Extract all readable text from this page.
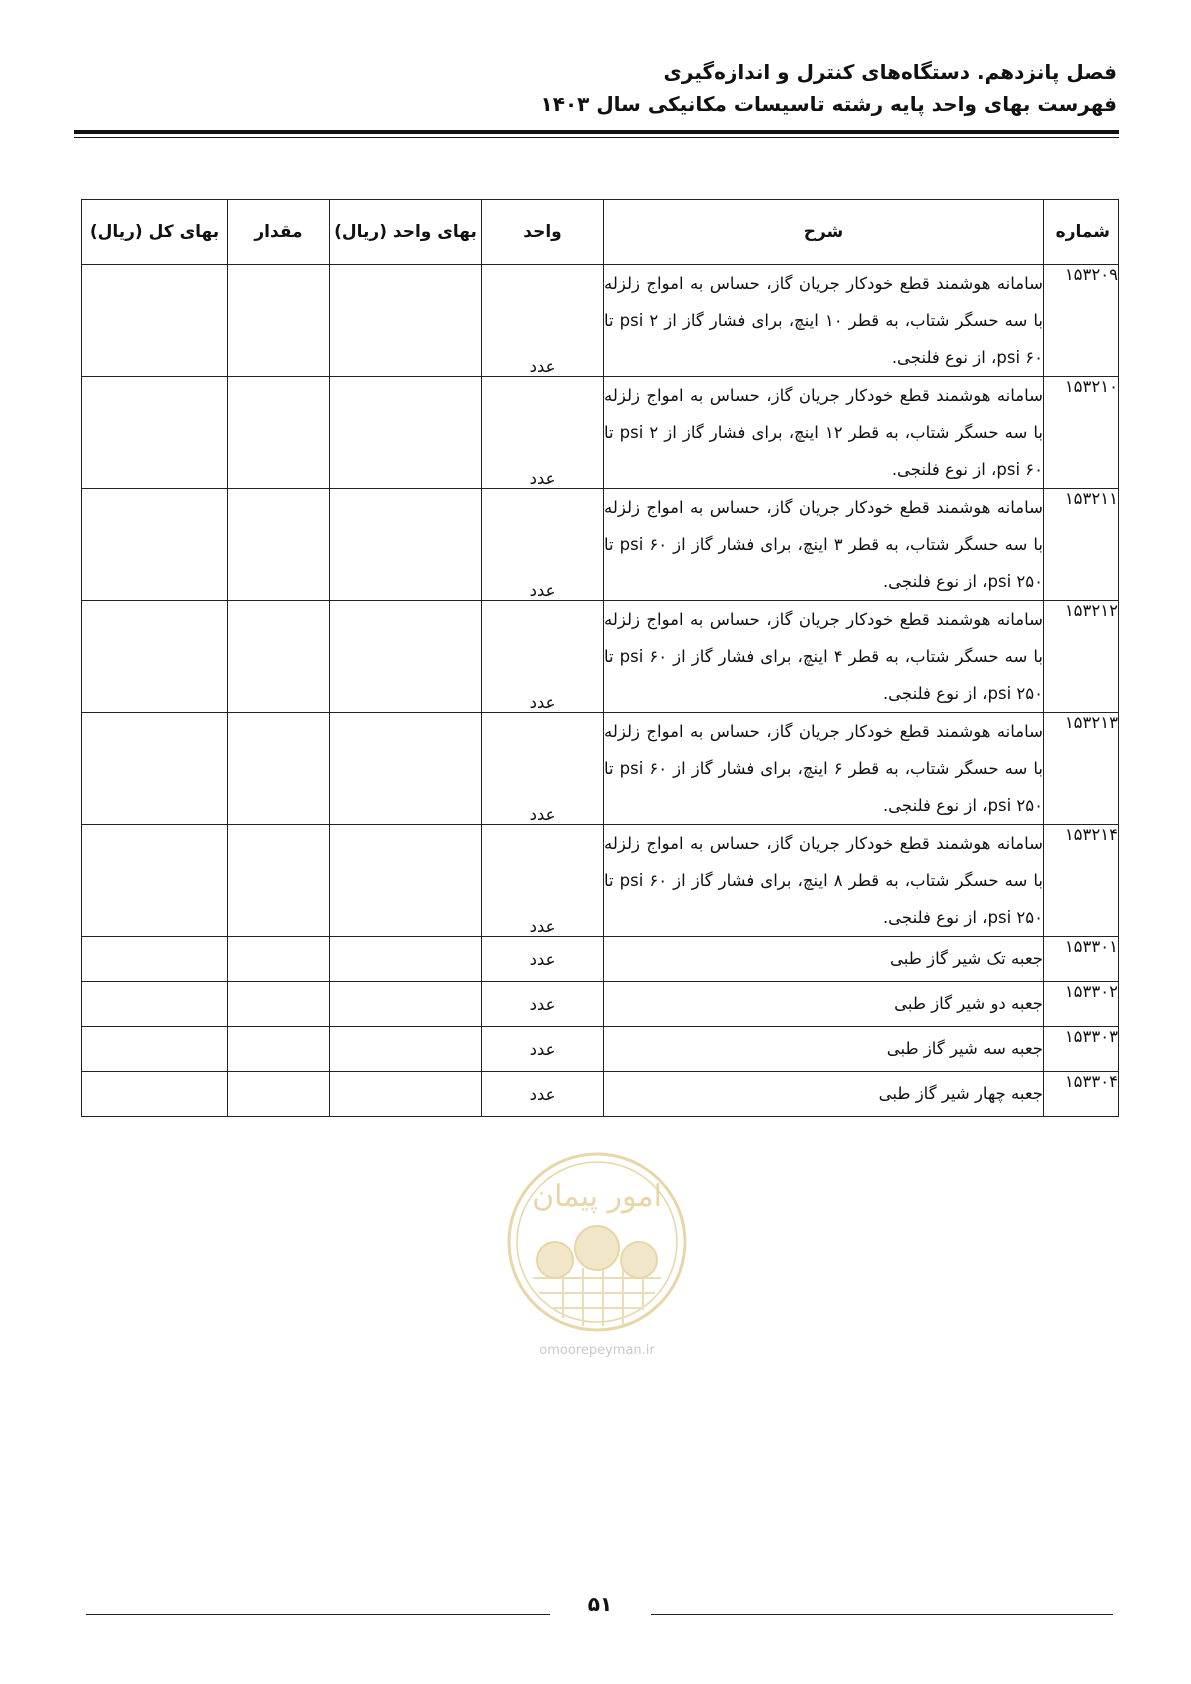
فصل پانزدهم. دستگاه‌های کنترل و اندازه‌گیری
فهرست بهای واحد پایه رشته تاسیسات مکانیکی سال ۱۴۰۳
شماره	شرح	واحد	بهای واحد (ریال)	مقدار	بهای کل (ریال)
۱۵۳۲۰۹	سامانه هوشمند قطع خودکار جریان گاز، حساس به امواج زلزله با سه حسگر شتاب، به قطر ۱۰ اینچ، برای فشار گاز از psi ۲ تا psi ۶۰، از نوع فلنجی.	عدد			
۱۵۳۲۱۰	سامانه هوشمند قطع خودکار جریان گاز، حساس به امواج زلزله با سه حسگر شتاب، به قطر ۱۲ اینچ، برای فشار گاز از psi ۲ تا psi ۶۰، از نوع فلنجی.	عدد			
۱۵۳۲۱۱	سامانه هوشمند قطع خودکار جریان گاز، حساس به امواج زلزله با سه حسگر شتاب، به قطر ۳ اینچ، برای فشار گاز از psi ۶۰ تا psi ۲۵۰، از نوع فلنجی.	عدد			
۱۵۳۲۱۲	سامانه هوشمند قطع خودکار جریان گاز، حساس به امواج زلزله با سه حسگر شتاب، به قطر ۴ اینچ، برای فشار گاز از psi ۶۰ تا psi ۲۵۰، از نوع فلنجی.	عدد			
۱۵۳۲۱۳	سامانه هوشمند قطع خودکار جریان گاز، حساس به امواج زلزله با سه حسگر شتاب، به قطر ۶ اینچ، برای فشار گاز از psi ۶۰ تا psi ۲۵۰، از نوع فلنجی.	عدد			
۱۵۳۲۱۴	سامانه هوشمند قطع خودکار جریان گاز، حساس به امواج زلزله با سه حسگر شتاب، به قطر ۸ اینچ، برای فشار گاز از psi ۶۰ تا psi ۲۵۰، از نوع فلنجی.	عدد			
۱۵۳۳۰۱	جعبه تک شیر گاز طبی	عدد			
۱۵۳۳۰۲	جعبه دو شیر گاز طبی	عدد			
۱۵۳۳۰۳	جعبه سه شیر گاز طبی	عدد			
۱۵۳۳۰۴	جعبه چهار شیر گاز طبی	عدد			
امور پیمان
omoorepeyman.ir
۵۱
